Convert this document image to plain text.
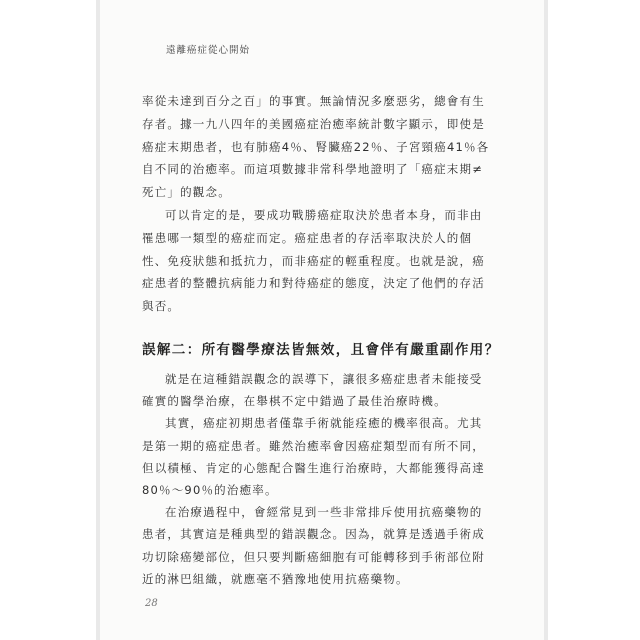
遠離癌症從心開始
率從未達到百分之百」的事實。無論情況多麼惡劣，總會有生
存者。據一九八四年的美國癌症治癒率統計數字顯示，即使是
癌症末期患者，也有肺癌4％、腎臟癌22％、子宮頸癌41％各
自不同的治癒率。而這項數據非常科學地證明了「癌症末期≠
死亡」的觀念。
可以肯定的是，要成功戰勝癌症取決於患者本身，而非由
罹患哪一類型的癌症而定。癌症患者的存活率取決於人的個
性、免疫狀態和抵抗力，而非癌症的輕重程度。也就是說，癌
症患者的整體抗病能力和對待癌症的態度，決定了他們的存活
與否。
誤解二：所有醫學療法皆無效，且會伴有嚴重副作用？
就是在這種錯誤觀念的誤導下，讓很多癌症患者未能接受
確實的醫學治療，在舉棋不定中錯過了最佳治療時機。
其實，癌症初期患者僅靠手術就能痊癒的機率很高。尤其
是第一期的癌症患者。雖然治癒率會因癌症類型而有所不同，
但以積極、肯定的心態配合醫生進行治療時，大都能獲得高達
80％～90％的治癒率。
在治療過程中，會經常見到一些非常排斥使用抗癌藥物的
患者，其實這是種典型的錯誤觀念。因為，就算是透過手術成
功切除癌變部位，但只要判斷癌細胞有可能轉移到手術部位附
近的淋巴組織，就應毫不猶豫地使用抗癌藥物。
28
